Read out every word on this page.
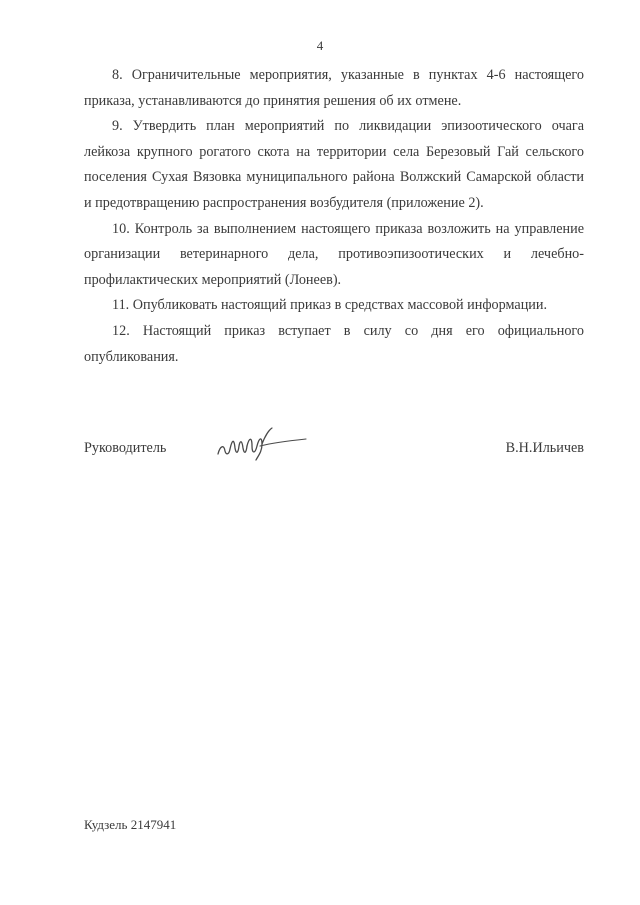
4

8. Ограничительные мероприятия, указанные в пунктах 4-6 настоящего приказа, устанавливаются до принятия решения об их отмене.

9. Утвердить план мероприятий по ликвидации эпизоотического очага лейкоза крупного рогатого скота на территории села Березовый Гай сельского поселения Сухая Вязовка муниципального района Волжский Самарской области и предотвращению распространения возбудителя (приложение 2).

10. Контроль за выполнением настоящего приказа возложить на управление организации ветеринарного дела, противоэпизоотических и лечебно-профилактических мероприятий (Лонеев).

11. Опубликовать настоящий приказ в средствах массовой информации.

12. Настоящий приказ вступает в силу со дня его официального опубликования.

Руководитель	В.Н.Ильичев
Кудзель 2147941
